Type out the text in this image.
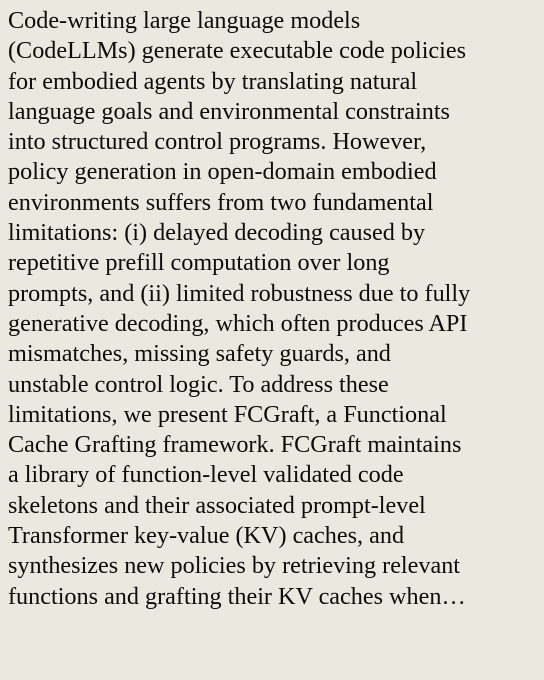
Code-writing large language models
(CodeLLMs) generate executable code policies
for embodied agents by translating natural
language goals and environmental constraints
into structured control programs. However,
policy generation in open-domain embodied
environments suffers from two fundamental
limitations: (i) delayed decoding caused by
repetitive prefill computation over long
prompts, and (ii) limited robustness due to fully
generative decoding, which often produces API
mismatches, missing safety guards, and
unstable control logic. To address these
limitations, we present FCGraft, a Functional
Cache Grafting framework. FCGraft maintains
a library of function-level validated code
skeletons and their associated prompt-level
Transformer key-value (KV) caches, and
synthesizes new policies by retrieving relevant
functions and grafting their KV caches when…
